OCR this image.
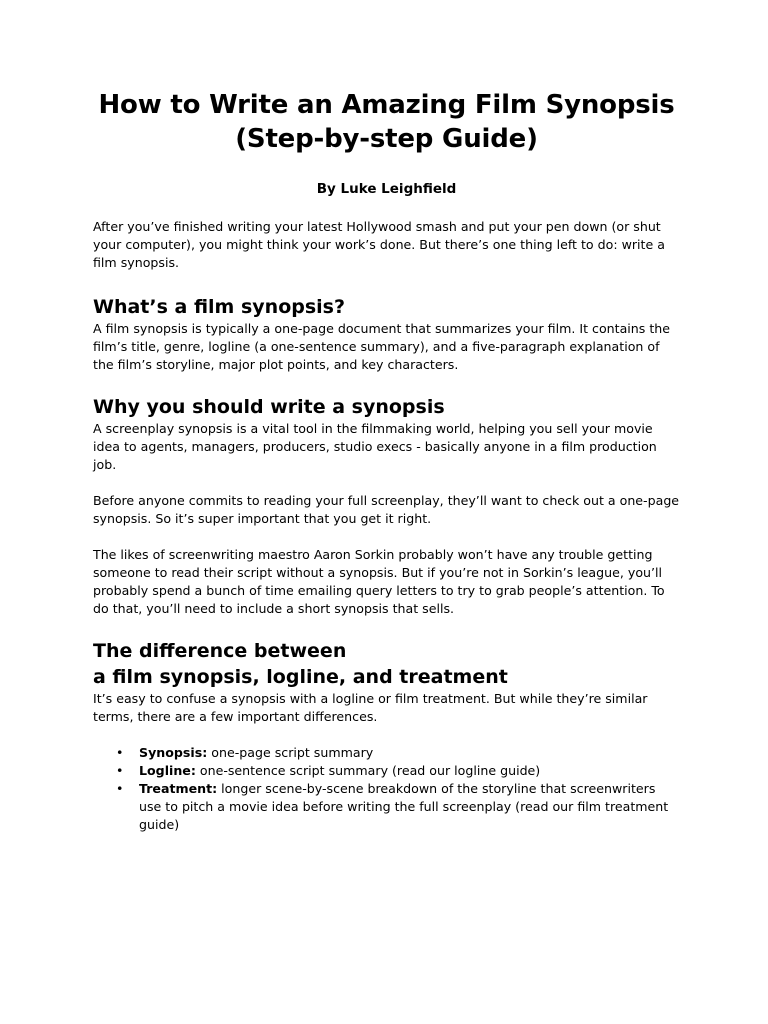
How to Write an Amazing Film Synopsis
(Step-by-step Guide)
By Luke Leighfield

After you’ve finished writing your latest Hollywood smash and put your pen down (or shut your computer), you might think your work’s done. But there’s one thing left to do: write a film synopsis.

What’s a film synopsis?

A film synopsis is typically a one-page document that summarizes your film. It contains the film’s title, genre, logline (a one-sentence summary), and a five-paragraph explanation of the film’s storyline, major plot points, and key characters.

Why you should write a synopsis

A screenplay synopsis is a vital tool in the filmmaking world, helping you sell your movie idea to agents, managers, producers, studio execs - basically anyone in a film production job.

Before anyone commits to reading your full screenplay, they’ll want to check out a one-page synopsis. So it’s super important that you get it right.

The likes of screenwriting maestro Aaron Sorkin probably won’t have any trouble getting someone to read their script without a synopsis. But if you’re not in Sorkin’s league, you’ll probably spend a bunch of time emailing query letters to try to grab people’s attention. To do that, you’ll need to include a short synopsis that sells.

The difference between
a film synopsis, logline, and treatment

It’s easy to confuse a synopsis with a logline or film treatment. But while they’re similar terms, there are a few important differences.

• Synopsis: one-page script summary
• Logline: one-sentence script summary (read our logline guide)
• Treatment: longer scene-by-scene breakdown of the storyline that screenwriters use to pitch a movie idea before writing the full screenplay (read our film treatment guide)
